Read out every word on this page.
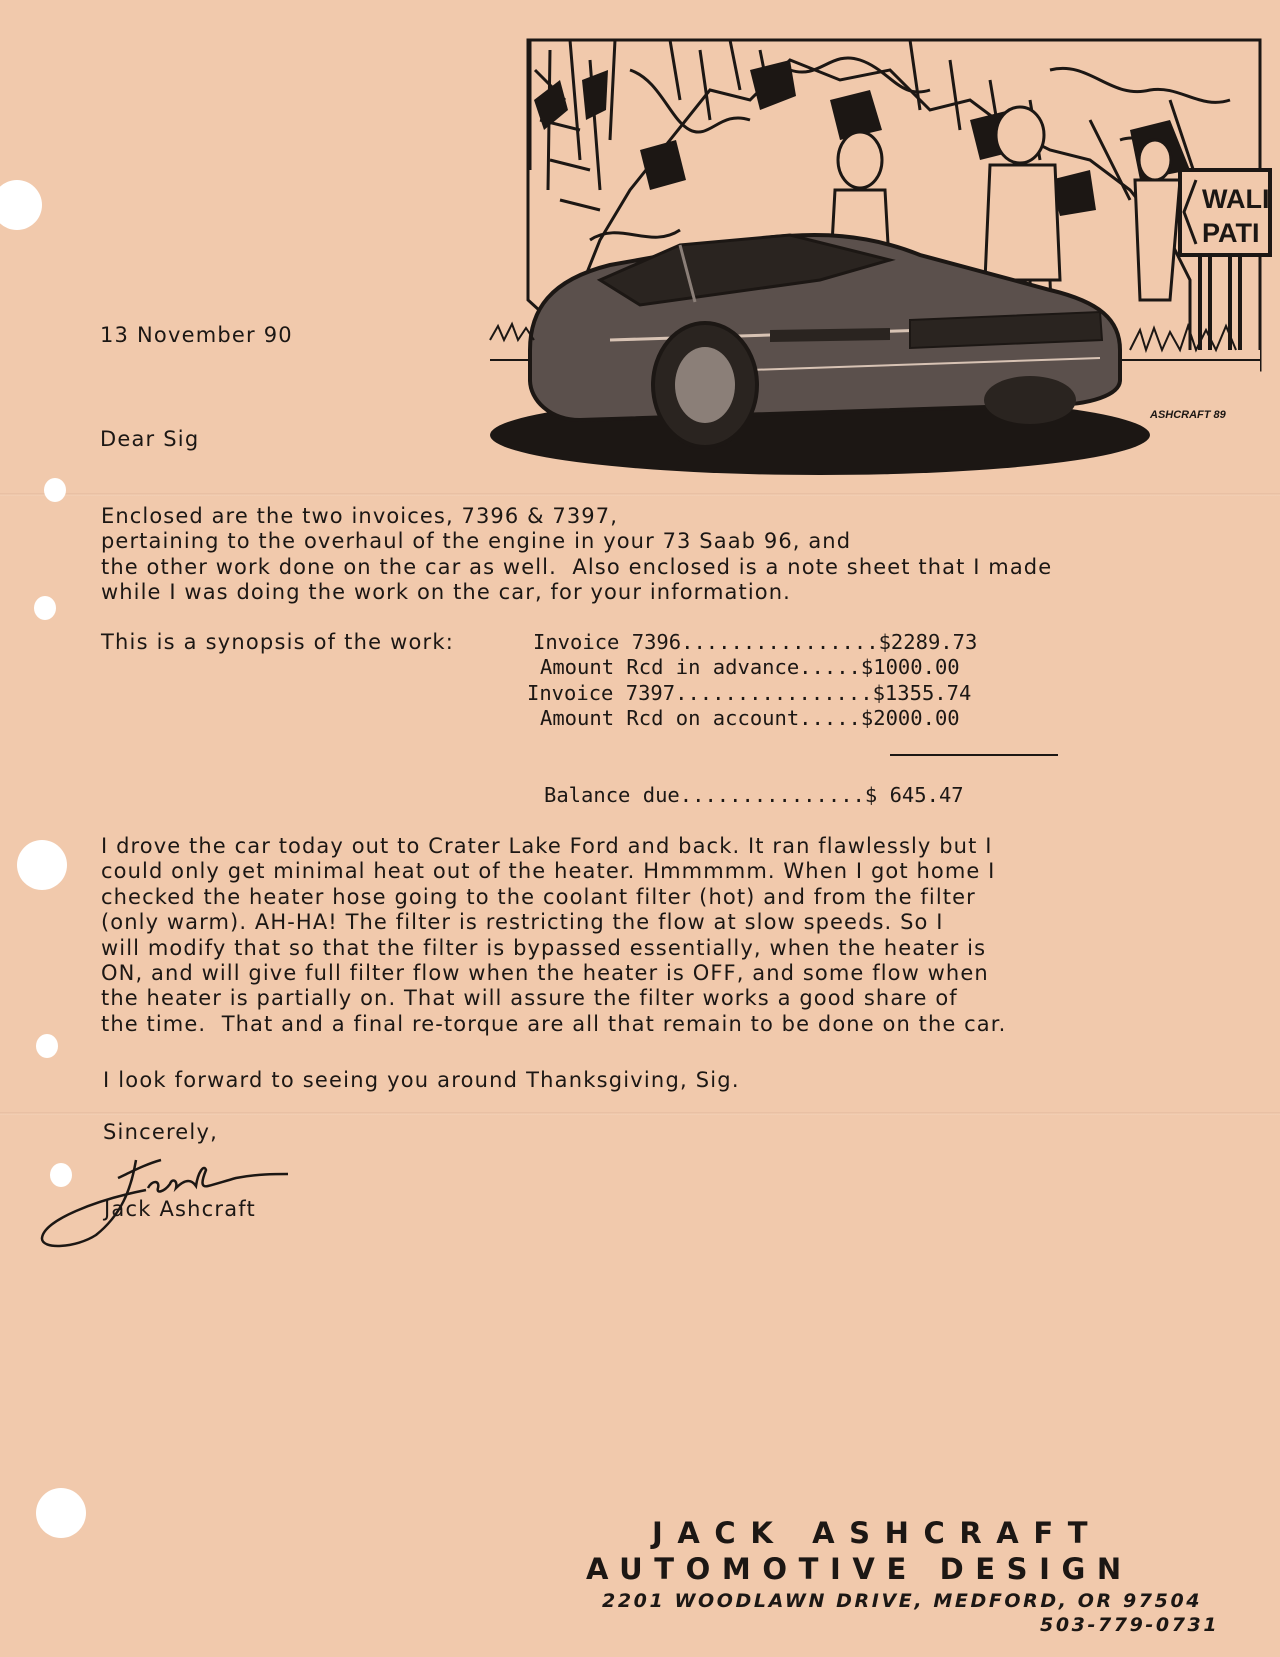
WALI
PATI
ASHCRAFT 89
13 November 90
Dear Sig
Enclosed are the two invoices, 7396 & 7397,
pertaining to the overhaul of the engine in your 73 Saab 96, and
the other work done on the car as well.  Also enclosed is a note sheet that I made
while I was doing the work on the car, for your information.
This is a synopsis of the work:	Invoice 7396................$2289.73
Amount Rcd in advance.....$1000.00
Invoice 7397................$1355.74
Amount Rcd on account.....$2000.00
Balance due...............$ 645.47
I drove the car today out to Crater Lake Ford and back. It ran flawlessly but I
could only get minimal heat out of the heater. Hmmmmm. When I got home I
checked the heater hose going to the coolant filter (hot) and from the filter
(only warm). AH-HA! The filter is restricting the flow at slow speeds. So I
will modify that so that the filter is bypassed essentially, when the heater is
ON, and will give full filter flow when the heater is OFF, and some flow when
the heater is partially on. That will assure the filter works a good share of
the time.  That and a final re-torque are all that remain to be done on the car.
I look forward to seeing you around Thanksgiving, Sig.
Sincerely,
Jack Ashcraft
JACK ASHCRAFT
AUTOMOTIVE DESIGN
2201 WOODLAWN DRIVE, MEDFORD, OR 97504
503-779-0731
